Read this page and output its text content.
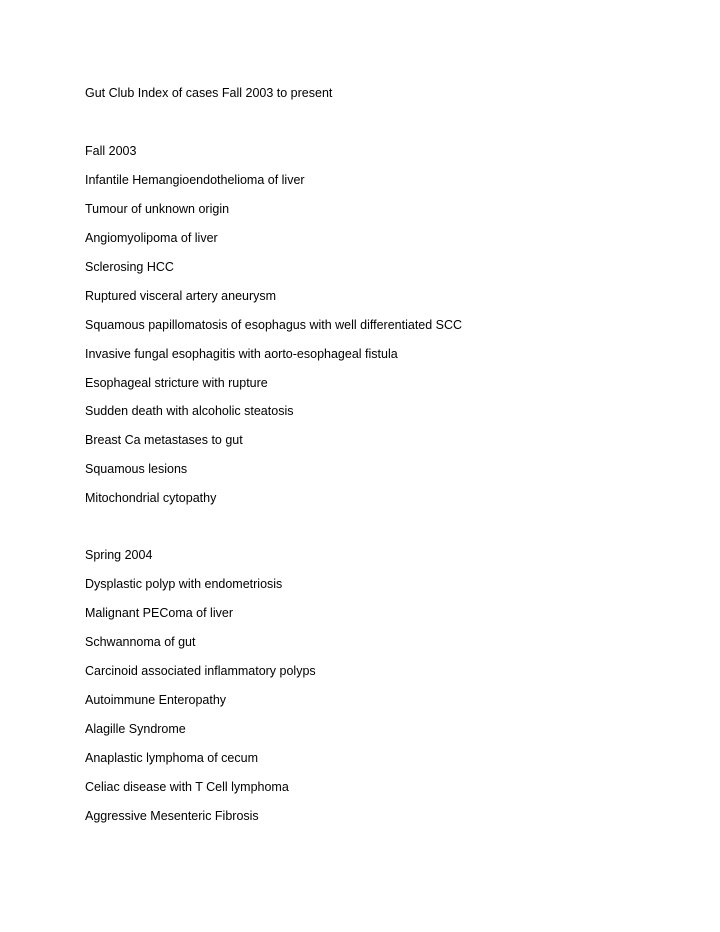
Gut Club Index of cases Fall 2003 to present
Fall 2003
Infantile Hemangioendothelioma of liver
Tumour of unknown origin
Angiomyolipoma of liver
Sclerosing HCC
Ruptured visceral artery aneurysm
Squamous papillomatosis of esophagus with well differentiated SCC
Invasive fungal esophagitis with aorto-esophageal fistula
Esophageal stricture with rupture
Sudden death with alcoholic steatosis
Breast Ca metastases to gut
Squamous lesions
Mitochondrial cytopathy
Spring 2004
Dysplastic polyp with endometriosis
Malignant PEComa of liver
Schwannoma of gut
Carcinoid associated inflammatory polyps
Autoimmune Enteropathy
Alagille Syndrome
Anaplastic lymphoma of cecum
Celiac disease with T Cell lymphoma
Aggressive Mesenteric Fibrosis
